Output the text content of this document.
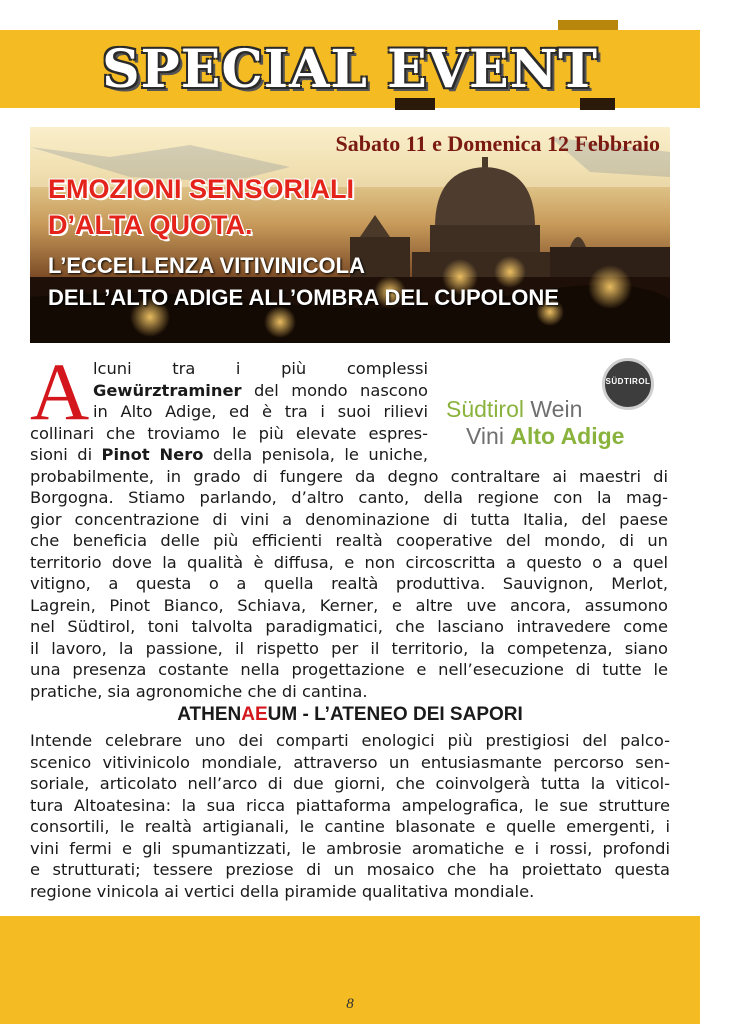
SPECIAL EVENT
Sabato 11 e Domenica 12 Febbraio
EMOZIONI SENSORIALI
D’ALTA QUOTA.
L’ECCELLENZA VITIVINICOLA
DELL’ALTO ADIGE ALL’OMBRA DEL CUPOLONE
SÜDTIROL
Südtirol Wein
Vini Alto Adige
A lcuni tra i più complessi
Gewürztraminer del mondo nascono
in Alto Adige, ed è tra i suoi rilievi
collinari che troviamo le più elevate espres-
sioni di Pinot Nero della penisola, le uniche,
probabilmente, in grado di fungere da degno contraltare ai maestri di
Borgogna. Stiamo parlando, d’altro canto, della regione con la mag-
gior concentrazione di vini a denominazione di tutta Italia, del paese
che beneficia delle più efficienti realtà cooperative del mondo, di un
territorio dove la qualità è diffusa, e non circoscritta a questo o a quel
vitigno, a questa o a quella realtà produttiva. Sauvignon, Merlot,
Lagrein, Pinot Bianco, Schiava, Kerner, e altre uve ancora, assumono
nel Südtirol, toni talvolta paradigmatici, che lasciano intravedere come
il lavoro, la passione, il rispetto per il territorio, la competenza, siano
una presenza costante nella progettazione e nell’esecuzione di tutte le
pratiche, sia agronomiche che di cantina.
ATHENAEUM - L’ATENEO DEI SAPORI
Intende celebrare uno dei comparti enologici più prestigiosi del palco-
scenico vitivinicolo mondiale, attraverso un entusiasmante percorso sen-
soriale, articolato nell’arco di due giorni, che coinvolgerà tutta la viticol-
tura Altoatesina: la sua ricca piattaforma ampelografica, le sue strutture
consortili, le realtà artigianali, le cantine blasonate e quelle emergenti, i
vini fermi e gli spumantizzati, le ambrosie aromatiche e i rossi, profondi
e strutturati; tessere preziose di un mosaico che ha proiettato questa
regione vinicola ai vertici della piramide qualitativa mondiale.
8
